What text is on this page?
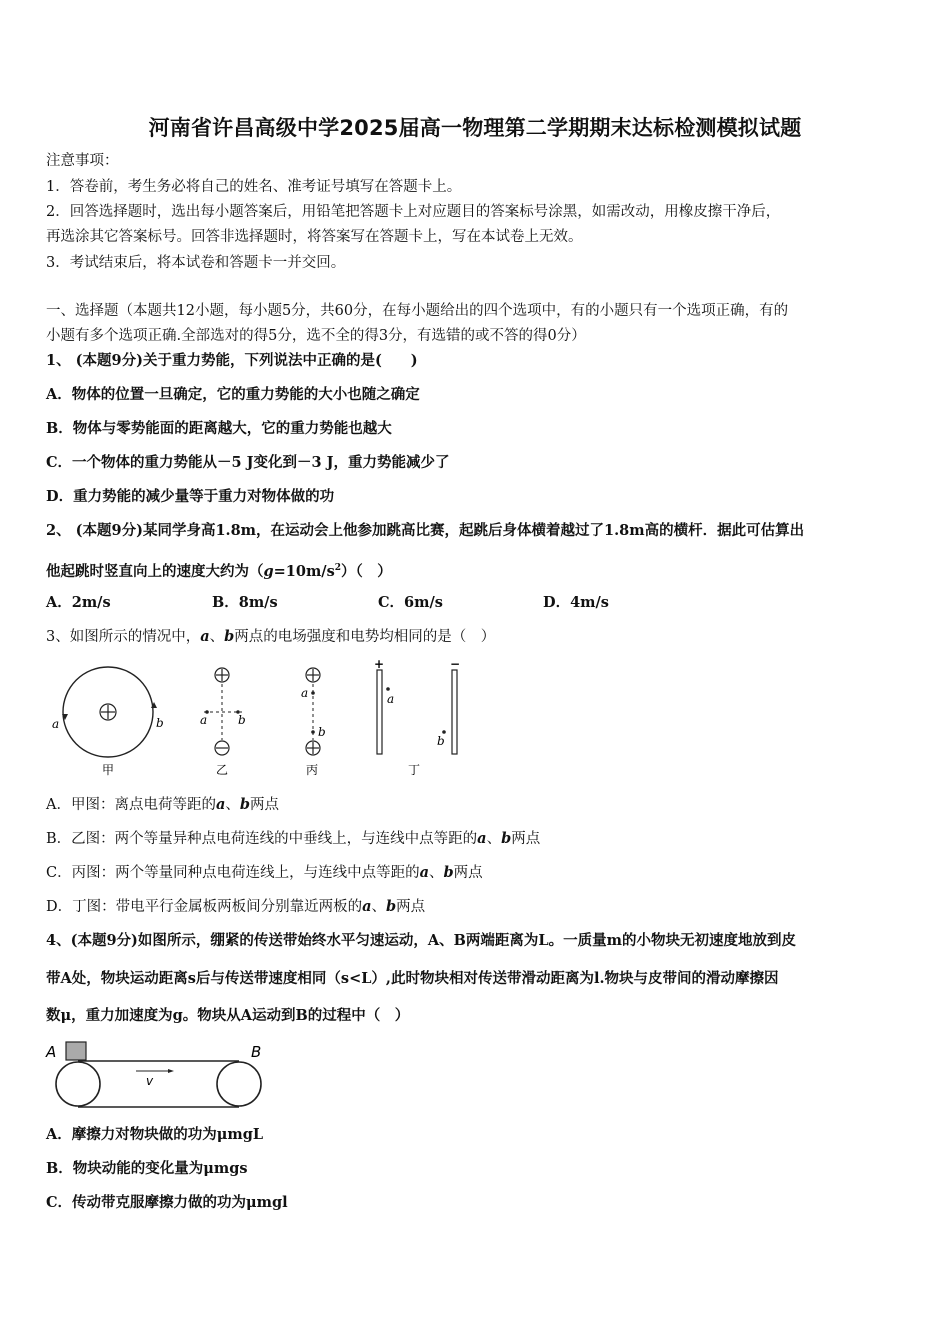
河南省许昌高级中学2025届高一物理第二学期期末达标检测模拟试题
注意事项：
1．答卷前，考生务必将自己的姓名、准考证号填写在答题卡上。
2．回答选择题时，选出每小题答案后，用铅笔把答题卡上对应题目的答案标号涂黑，如需改动，用橡皮擦干净后，
再选涂其它答案标号。回答非选择题时，将答案写在答题卡上，写在本试卷上无效。
3．考试结束后，将本试卷和答题卡一并交回。
一、选择题（本题共12小题，每小题5分，共60分，在每小题给出的四个选项中，有的小题只有一个选项正确，有的
小题有多个选项正确.全部选对的得5分，选不全的得3分，有选错的或不答的得0分）
1、 (本题9分)关于重力势能，下列说法中正确的是(　　)
A．物体的位置一旦确定，它的重力势能的大小也随之确定
B．物体与零势能面的距离越大，它的重力势能也越大
C．一个物体的重力势能从－5 J变化到－3 J，重力势能减少了
D．重力势能的减少量等于重力对物体做的功
2、 (本题9分)某同学身高1.8m，在运动会上他参加跳高比赛，起跳后身体横着越过了1.8m高的横杆．据此可估算出
他起跳时竖直向上的速度大约为$(g=10m/s^2)$（　）
A．2m/s	B．8m/s	C．6m/s	D．4m/s
3、如图所示的情况中，a、b两点的电场强度和电势均相同的是（　）
a	b
甲
a	b
乙
a
b
丙
+	−
a
b
丁
A．甲图：离点电荷等距的a、b两点
B．乙图：两个等量异种点电荷连线的中垂线上，与连线中点等距的a、b两点
C．丙图：两个等量同种点电荷连线上，与连线中点等距的a、b两点
D．丁图：带电平行金属板两板间分别靠近两板的a、b两点
4、(本题9分)如图所示，绷紧的传送带始终水平匀速运动，A、B两端距离为L。一质量m的小物块无初速度地放到皮
带A处，物块运动距离s后与传送带速度相同（s<L）,此时物块相对传送带滑动距离为l.物块与皮带间的滑动摩擦因
数μ，重力加速度为g。物块从A运动到B的过程中（　）
A
v
B
A．摩擦力对物块做的功为μmgL
B．物块动能的变化量为μmgs
C．传动带克服摩擦力做的功为μmgl
